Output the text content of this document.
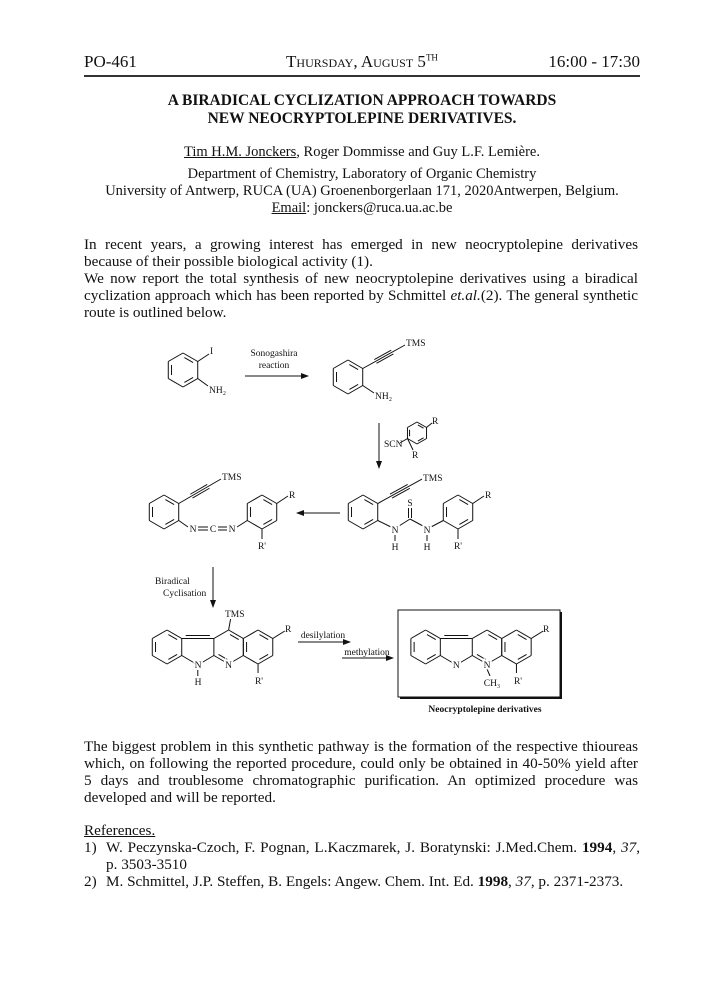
PO-461	Thursday, August 5TH	16:00 - 17:30
A BIRADICAL CYCLIZATION APPROACH TOWARDS
NEW NEOCRYPTOLEPINE DERIVATIVES.
Tim H.M. Jonckers, Roger Dommisse and Guy L.F. Lemière.
Department of Chemistry, Laboratory of Organic Chemistry
University of Antwerp, RUCA (UA) Groenenborgerlaan 171, 2020Antwerpen, Belgium.
Email: jonckers@ruca.ua.ac.be
In recent years, a growing interest has emerged in new neocryptolepine derivatives because of their possible biological activity (1).
We now report the total synthesis of new neocryptolepine derivatives using a biradical cyclization approach which has been reported by Schmittel et.al.(2). The general synthetic route is outlined below.
I
NH₂
Sonogashira
reaction
TMS
NH₂
SCN
R
R
TMS
S
N	N
H	H
R
R'
TMS
N C N
R
R'
Biradical
Cyclisation
TMS
N N
H
R
R'
desilylation
methylation
N	N
CH₃
R
R'
Neocryptolepine derivatives
The biggest problem in this synthetic pathway is the formation of the respective thioureas which, on following the reported procedure, could only be obtained in 40-50% yield after 5 days and troublesome chromatographic purification. An optimized procedure was developed and will be reported.
References.
1) W. Peczynska-Czoch, F. Pognan, L.Kaczmarek, J. Boratynski: J.Med.Chem. 1994, 37, p. 3503-3510
2) M. Schmittel, J.P. Steffen, B. Engels: Angew. Chem. Int. Ed. 1998, 37, p. 2371-2373.
